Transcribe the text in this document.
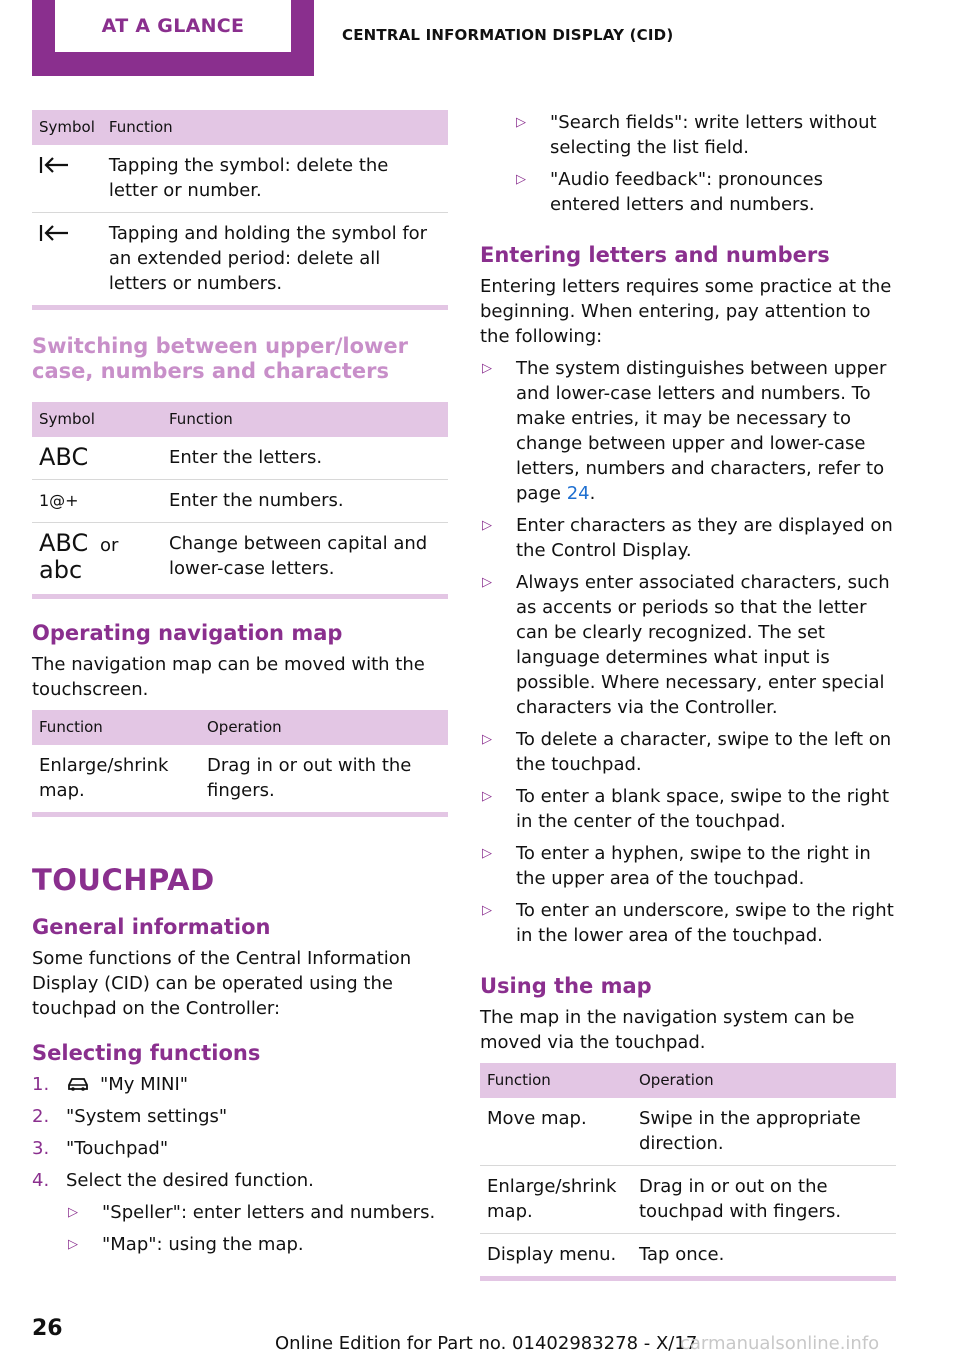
AT A GLANCE	CENTRAL INFORMATION DISPLAY (CID)
Symbol	Function
	Tapping the symbol: delete the letter or number.
	Tapping and holding the symbol for an extended period: delete all letters or numbers.
Switching between upper/lower case, numbers and characters
Symbol	Function
ABC	Enter the letters.
1@+	Enter the numbers.
ABC or
abc	Change between capital and lower-case letters.
Operating navigation map
The navigation map can be moved with the touchscreen.
Function	Operation
Enlarge/shrink map.	Drag in or out with the fingers.
TOUCHPAD
General information
Some functions of the Central Information Display (CID) can be operated using the touchpad on the Controller:
Selecting functions
1.	"My MINI"
2. "System settings"
3. "Touchpad"
4. Select the desired function.
▷	"Speller": enter letters and numbers.
▷	"Map": using the map.
▷	"Search fields": write letters without selecting the list field.
▷	"Audio feedback": pronounces entered letters and numbers.
Entering letters and numbers
Entering letters requires some practice at the beginning. When entering, pay attention to the following:
▷	The system distinguishes between upper and lower-case letters and numbers. To make entries, it may be necessary to change between upper and lower-case letters, numbers and characters, refer to page 24.
▷	Enter characters as they are displayed on the Control Display.
▷	Always enter associated characters, such as accents or periods so that the letter can be clearly recognized. The set language determines what input is possible. Where necessary, enter special characters via the Controller.
▷	To delete a character, swipe to the left on the touchpad.
▷	To enter a blank space, swipe to the right in the center of the touchpad.
▷	To enter a hyphen, swipe to the right in the upper area of the touchpad.
▷	To enter an underscore, swipe to the right in the lower area of the touchpad.
Using the map
The map in the navigation system can be moved via the touchpad.
Function	Operation
Move map.	Swipe in the appropriate direction.
Enlarge/shrink map.	Drag in or out on the touchpad with fingers.
Display menu.	Tap once.
26
Online Edition for Part no. 01402983278 - X/17
carmanualsonline.info
